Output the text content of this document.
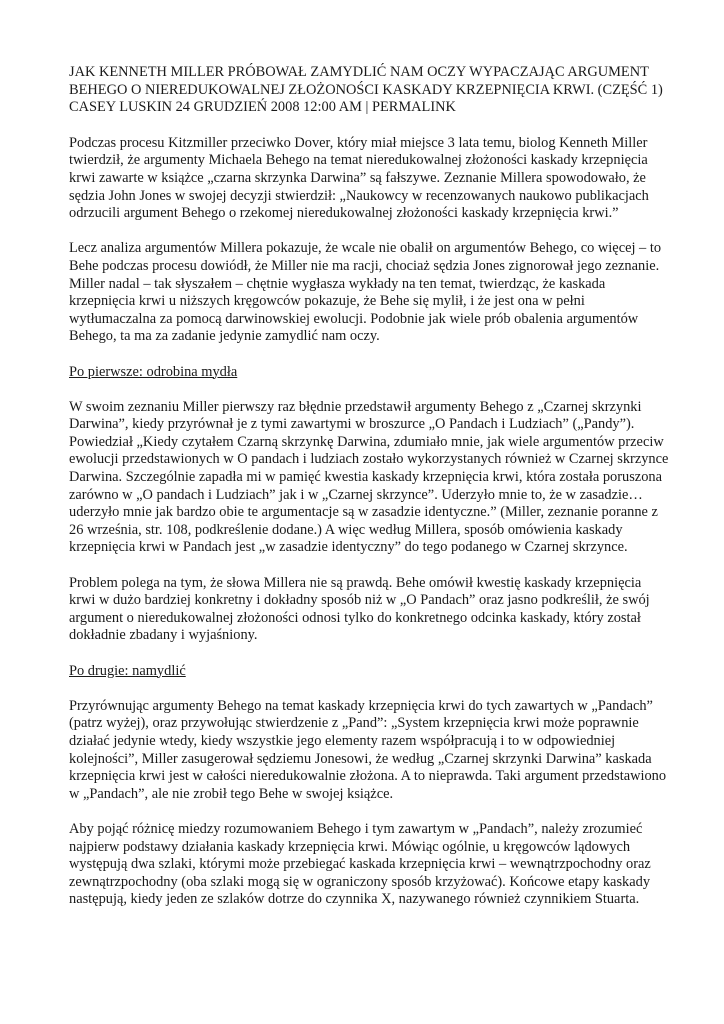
JAK KENNETH MILLER PRÓBOWAŁ ZAMYDLIĆ NAM OCZY WYPACZAJĄC ARGUMENT BEHEGO O NIEREDUKOWALNEJ ZŁOŻONOŚCI KASKADY KRZEPNIĘCIA KRWI. (CZĘŚĆ 1)

CASEY LUSKIN 24 GRUDZIEŃ 2008 12:00 AM | PERMALINK

Podczas procesu Kitzmiller przeciwko Dover, który miał miejsce 3 lata temu, biolog Kenneth Miller twierdził, że argumenty Michaela Behego na temat nieredukowalnej złożoności kaskady krzepnięcia krwi zawarte w książce „czarna skrzynka Darwina” są fałszywe. Zeznanie Millera spowodowało, że sędzia John Jones w swojej decyzji stwierdził: „Naukowcy w recenzowanych naukowo publikacjach odrzucili argument Behego o rzekomej nieredukowalnej złożoności kaskady krzepnięcia krwi.”

Lecz analiza argumentów Millera pokazuje, że wcale nie obalił on argumentów Behego, co więcej – to Behe podczas procesu dowiódł, że Miller nie ma racji, chociaż sędzia Jones zignorował jego zeznanie. Miller nadal – tak słyszałem – chętnie wygłasza wykłady na ten temat, twierdząc, że kaskada krzepnięcia krwi u niższych kręgowców pokazuje, że Behe się mylił, i że jest ona w pełni wytłumaczalna za pomocą darwinowskiej ewolucji. Podobnie jak wiele prób obalenia argumentów Behego, ta ma za zadanie jedynie zamydlić nam oczy.

Po pierwsze: odrobina mydła

W swoim zeznaniu Miller pierwszy raz błędnie przedstawił argumenty Behego z „Czarnej skrzynki Darwina”, kiedy przyrównał je z tymi zawartymi w broszurce „O Pandach i Ludziach” („Pandy”). Powiedział „Kiedy czytałem Czarną skrzynkę Darwina, zdumiało mnie, jak wiele argumentów przeciw ewolucji przedstawionych w O pandach i ludziach zostało wykorzystanych również w Czarnej skrzynce Darwina. Szczególnie zapadła mi w pamięć kwestia kaskady krzepnięcia krwi, która została poruszona zarówno w „O pandach i Ludziach” jak i w „Czarnej skrzynce”. Uderzyło mnie to, że w zasadzie… uderzyło mnie jak bardzo obie te argumentacje są w zasadzie identyczne.” (Miller, zeznanie poranne z 26 września, str. 108, podkreślenie dodane.) A więc według Millera, sposób omówienia kaskady krzepnięcia krwi w Pandach jest „w zasadzie identyczny” do tego podanego w Czarnej skrzynce.

Problem polega na tym, że słowa Millera nie są prawdą. Behe omówił kwestię kaskady krzepnięcia krwi w dużo bardziej konkretny i dokładny sposób niż w „O Pandach” oraz jasno podkreślił, że swój argument o nieredukowalnej złożoności odnosi tylko do konkretnego odcinka kaskady, który został dokładnie zbadany i wyjaśniony.

Po drugie: namydlić

Przyrównując argumenty Behego na temat kaskady krzepnięcia krwi do tych zawartych w „Pandach” (patrz wyżej), oraz przywołując stwierdzenie z „Pand”: „System krzepnięcia krwi może poprawnie działać jedynie wtedy, kiedy wszystkie jego elementy razem współpracują i to w odpowiedniej kolejności”, Miller zasugerował sędziemu Jonesowi, że według „Czarnej skrzynki Darwina” kaskada krzepnięcia krwi jest w całości nieredukowalnie złożona. A to nieprawda. Taki argument przedstawiono w „Pandach”, ale nie zrobił tego Behe w swojej książce.

Aby pojąć różnicę miedzy rozumowaniem Behego i tym zawartym w „Pandach”, należy zrozumieć najpierw podstawy działania kaskady krzepnięcia krwi. Mówiąc ogólnie, u kręgowców lądowych występują dwa szlaki, którymi może przebiegać kaskada krzepnięcia krwi – wewnątrzpochodny oraz zewnątrzpochodny (oba szlaki mogą się w ograniczony sposób krzyżować). Końcowe etapy kaskady następują, kiedy jeden ze szlaków dotrze do czynnika X, nazywanego również czynnikiem Stuarta.
